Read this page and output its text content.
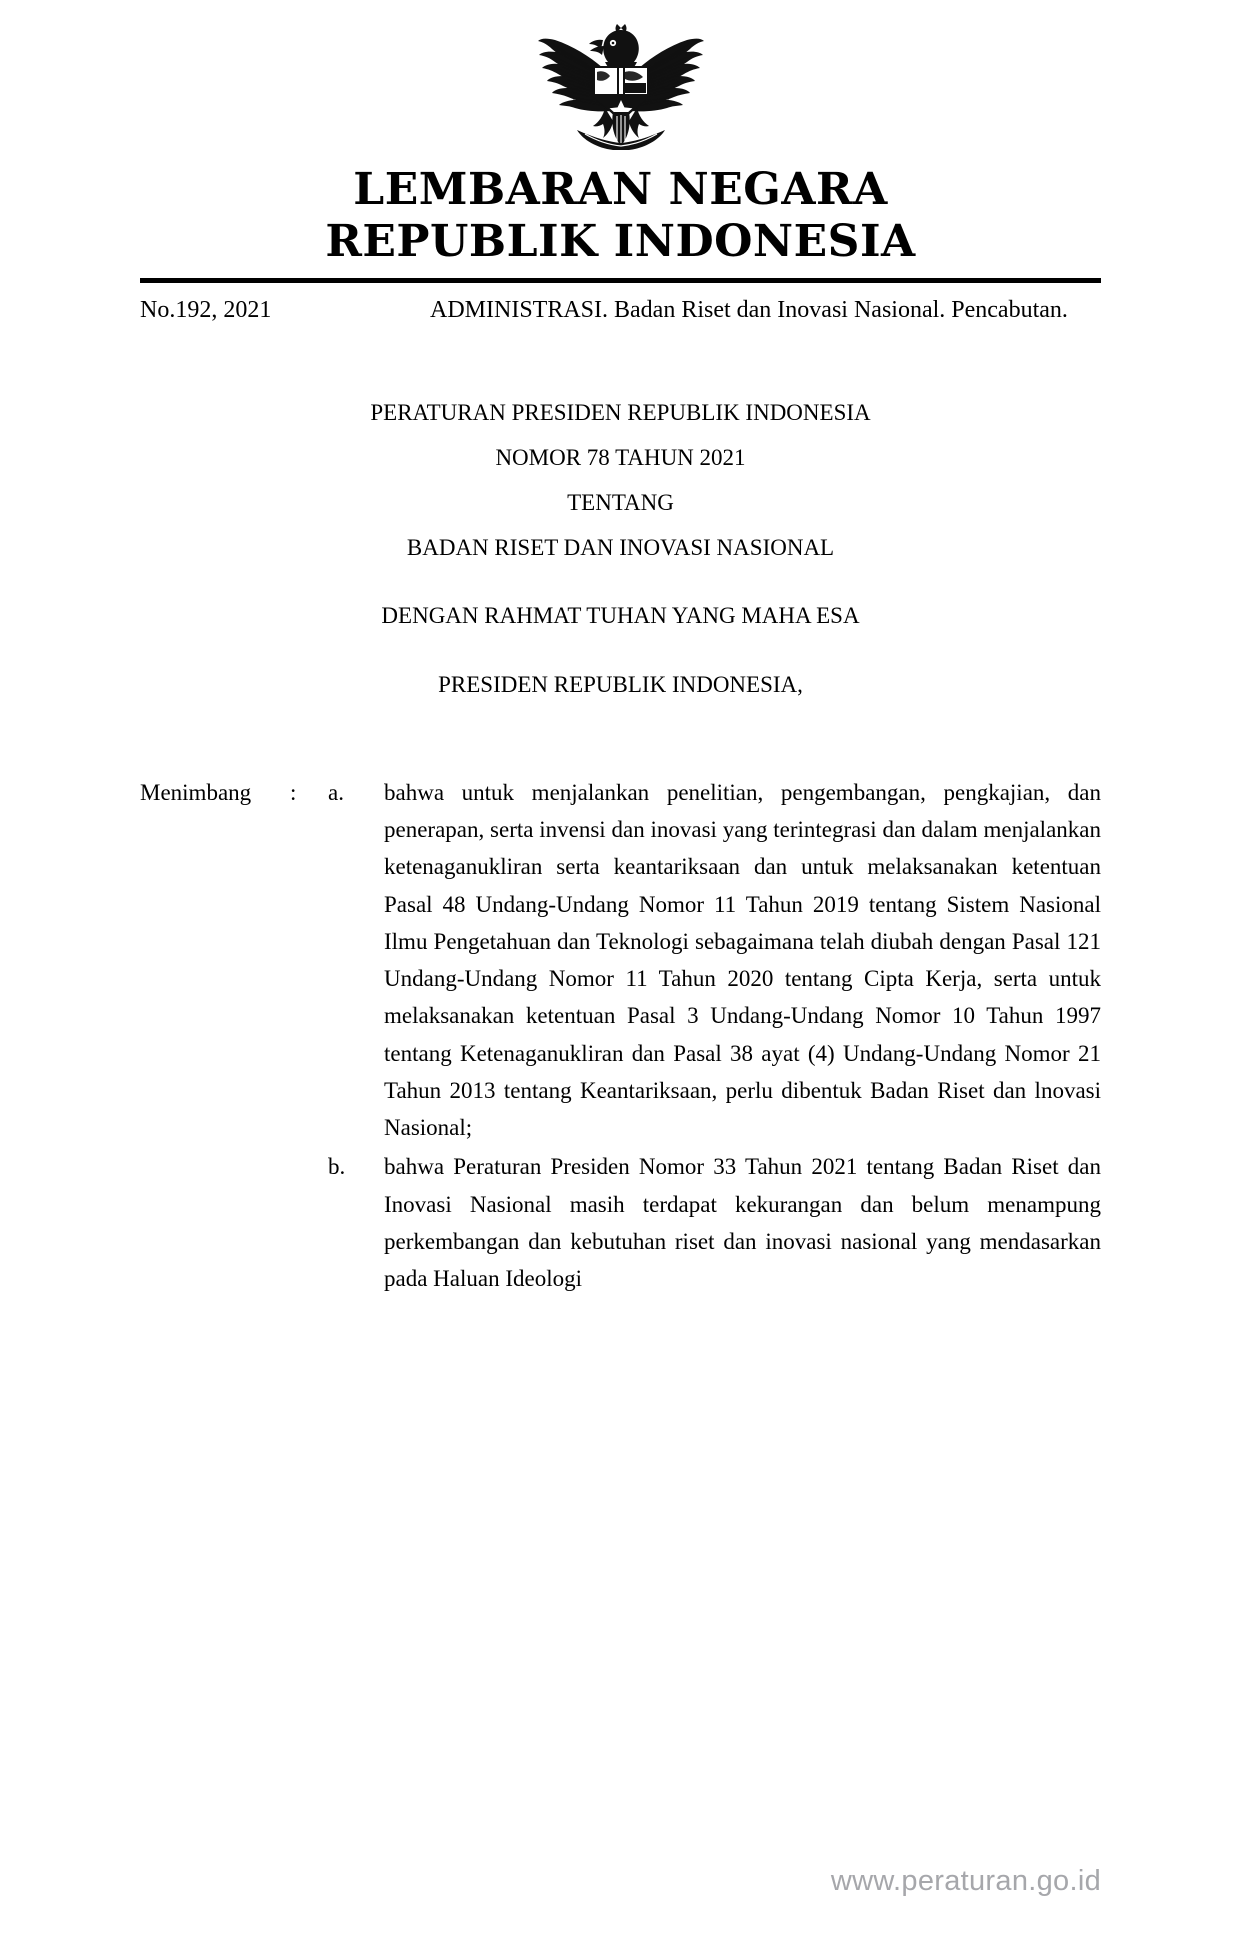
LEMBARAN NEGARA
REPUBLIK INDONESIA
No.192, 2021	ADMINISTRASI. Badan Riset dan Inovasi Nasional. Pencabutan.
PERATURAN PRESIDEN REPUBLIK INDONESIA
NOMOR 78 TAHUN 2021
TENTANG
BADAN RISET DAN INOVASI NASIONAL
DENGAN RAHMAT TUHAN YANG MAHA ESA
PRESIDEN REPUBLIK INDONESIA,
Menimbang	:	a.	bahwa untuk menjalankan penelitian, pengembangan, pengkajian, dan penerapan, serta invensi dan inovasi yang terintegrasi dan dalam menjalankan ketenaganukliran serta keantariksaan dan untuk melaksanakan ketentuan Pasal 48 Undang-Undang Nomor 11 Tahun 2019 tentang Sistem Nasional Ilmu Pengetahuan dan Teknologi sebagaimana telah diubah dengan Pasal 121 Undang-Undang Nomor 11 Tahun 2020 tentang Cipta Kerja, serta untuk melaksanakan ketentuan Pasal 3 Undang-Undang Nomor 10 Tahun 1997 tentang Ketenaganukliran dan Pasal 38 ayat (4) Undang-Undang Nomor 21 Tahun 2013 tentang Keantariksaan, perlu dibentuk Badan Riset dan lnovasi Nasional;
b.	bahwa Peraturan Presiden Nomor 33 Tahun 2021 tentang Badan Riset dan Inovasi Nasional masih terdapat kekurangan dan belum menampung perkembangan dan kebutuhan riset dan inovasi nasional yang mendasarkan pada Haluan Ideologi
www.peraturan.go.id
